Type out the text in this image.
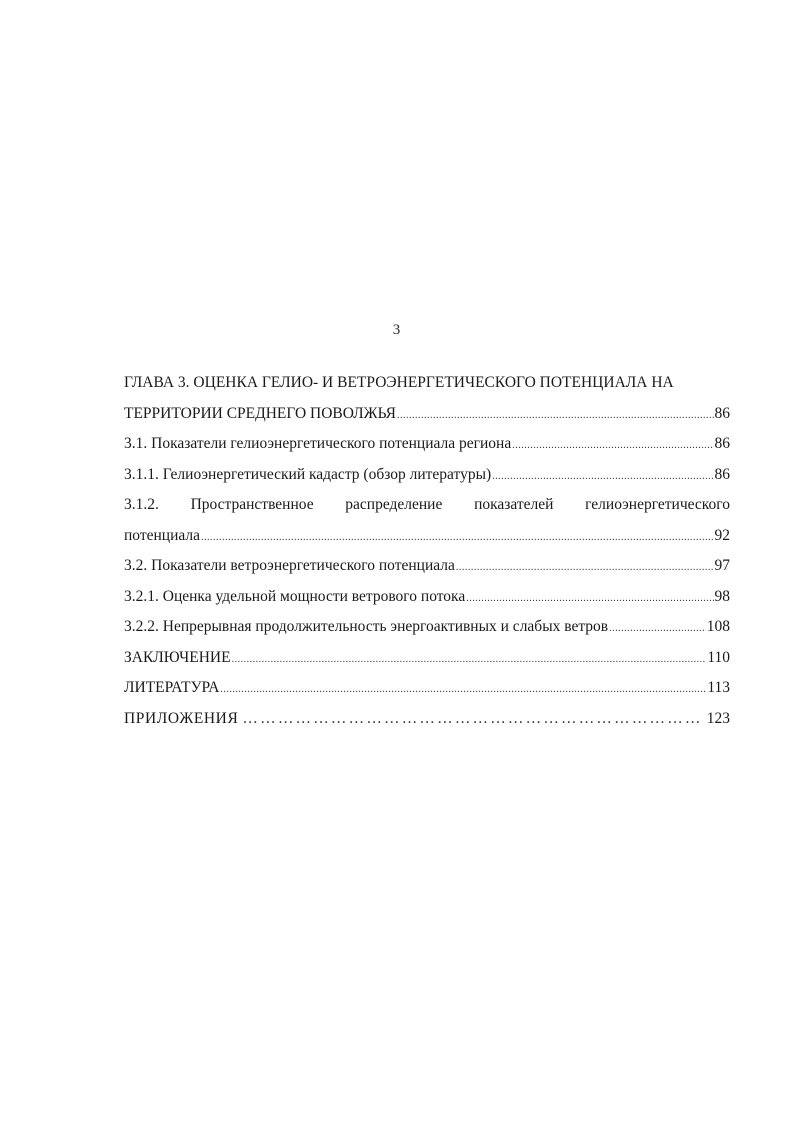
3
ГЛАВА 3. ОЦЕНКА ГЕЛИО- И ВЕТРОЭНЕРГЕТИЧЕСКОГО ПОТЕНЦИАЛА НА
ТЕРРИТОРИИ СРЕДНЕГО ПОВОЛЖЬЯ .....	86
3.1. Показатели гелиоэнергетического потенциала региона .....	86
3.1.1. Гелиоэнергетический кадастр (обзор литературы) .....	86
3.1.2. Пространственное распределение показателей гелиоэнергетического
потенциала .....	92
3.2. Показатели ветроэнергетического потенциала .....	97
3.2.1. Оценка удельной мощности ветрового потока .....	98
3.2.2. Непрерывная продолжительность энергоактивных и слабых ветров .....	108
ЗАКЛЮЧЕНИЕ .....	110
ЛИТЕРАТУРА .....	113
ПРИЛОЖЕНИЯ ………………………………………………………………………………………………	123
